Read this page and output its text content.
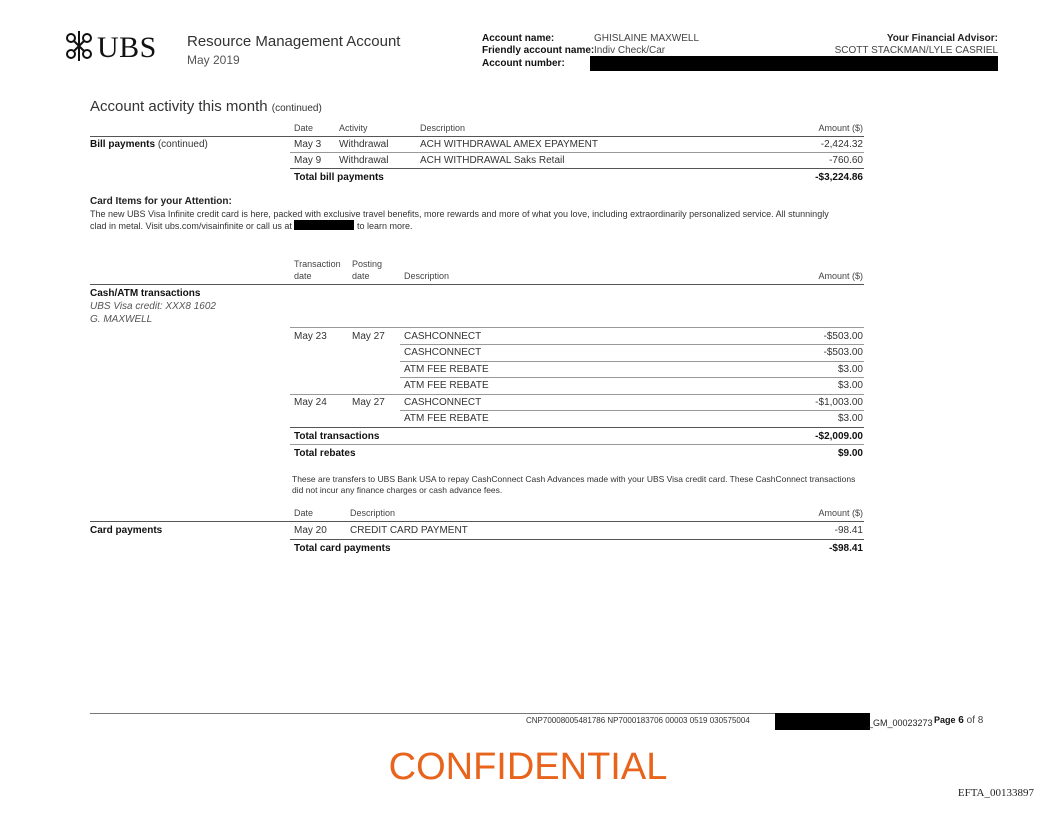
UBS Resource Management Account
May 2019
Account name:	GHISLAINE MAXWELL
Friendly account name: Indiv Check/Car
Account number:
Your Financial Advisor:
SCOTT STACKMAN/LYLE CASRIEL
Account activity this month (continued)
Date	Activity	Description	Amount ($)
Bill payments (continued)	May 3 Withdrawal	ACH WITHDRAWAL AMEX EPAYMENT	-2,424.32
May 9 Withdrawal	ACH WITHDRAWAL Saks Retail	-760.60
Total bill payments	-$3,224.86
Card Items for your Attention:
The new UBS Visa Infinite credit card is here, packed with exclusive travel benefits, more rewards and more of what you love, including extraordinarily personalized service. All stunningly clad in metal. Visit ubs.com/visainfinite or call us at	to learn more.
Transaction
date
Posting
date	Description	Amount ($)
Cash/ATM transactions
UBS Visa credit: XXX8 1602
G. MAXWELL
May 23	May 27 CASHCONNECT	-$503.00
CASHCONNECT	-$503.00
ATM FEE REBATE	$3.00
ATM FEE REBATE	$3.00
May 24	May 27 CASHCONNECT	-$1,003.00
ATM FEE REBATE	$3.00
Total transactions	-$2,009.00
Total rebates	$9.00
These are transfers to UBS Bank USA to repay CashConnect Cash Advances made with your UBS Visa credit card. These CashConnect transactions did not incur any finance charges or cash advance fees.
Date	Description	Amount ($)
Card payments	May 20 CREDIT CARD PAYMENT	-98.41
Total card payments	-$98.41
CNP70008005481786 NP7000183706 00003 0519 030575004	_GM_00023273 Page 6 of 8
CONFIDENTIAL
EFTA_00133897
